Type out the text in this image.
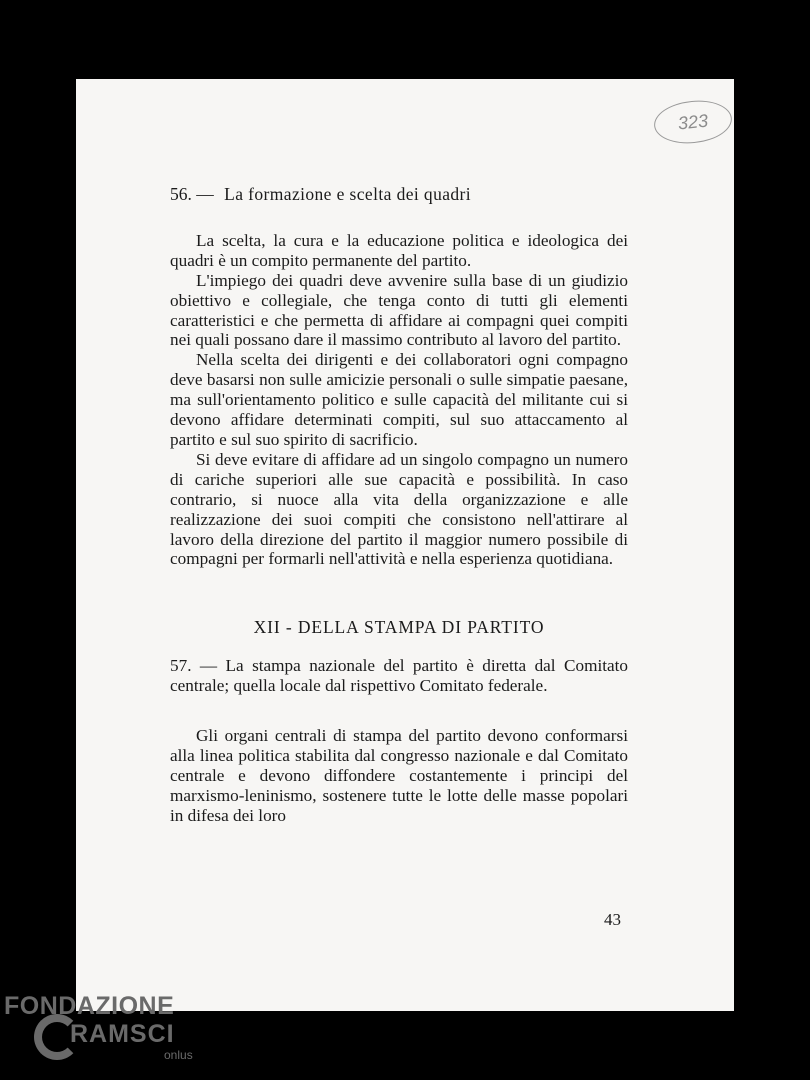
323
56. — La formazione e scelta dei quadri

La scelta, la cura e la educazione politica e ideologica dei quadri è un compito permanente del partito.

L'impiego dei quadri deve avvenire sulla base di un giudizio obiettivo e collegiale, che tenga conto di tutti gli elementi caratteristici e che permetta di affidare ai compagni quei compiti nei quali possano dare il massimo contributo al lavoro del partito.

Nella scelta dei dirigenti e dei collaboratori ogni compagno deve basarsi non sulle amicizie personali o sulle simpatie paesane, ma sull'orientamento politico e sulle capacità del militante cui si devono affidare determinati compiti, sul suo attaccamento al partito e sul suo spirito di sacrificio.

Si deve evitare di affidare ad un singolo compagno un numero di cariche superiori alle sue capacità e possibilità. In caso contrario, si nuoce alla vita della organizzazione e alle realizzazione dei suoi compiti che consistono nell'attirare al lavoro della direzione del partito il maggior numero possibile di compagni per formarli nell'attività e nella esperienza quotidiana.

XII - DELLA STAMPA DI PARTITO

57. — La stampa nazionale del partito è diretta dal Comitato centrale; quella locale dal rispettivo Comitato federale.

Gli organi centrali di stampa del partito devono conformarsi alla linea politica stabilita dal congresso nazionale e dal Comitato centrale e devono diffondere costantemente i principi del marxismo-leninismo, sostenere tutte le lotte delle masse popolari in difesa dei loro

43
FONDAZIONE
RAMSCI
onlus
